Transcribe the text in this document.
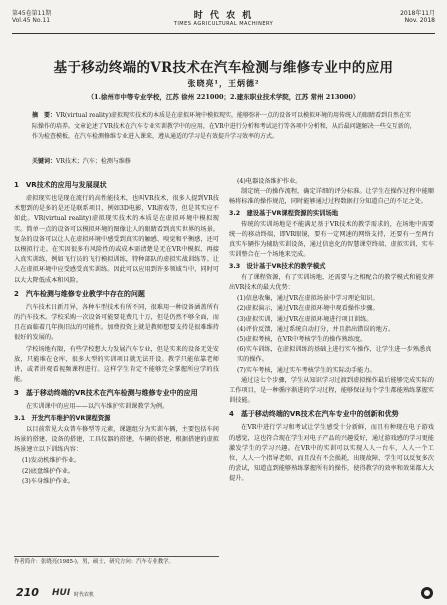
第45卷第11期
Vol.45 No.11	时 代 农 机
TIMES AGRICULTURAL MACHINERY
2018年11月
Nov. 2018
基于移动终端的VR技术在汽车检测与维修专业中的应用
张晓亮¹，王炳德²
（1.徐州市中等专业学校，江苏 徐州 221000；2.建东职业技术学院，江苏 常州 213000）
摘　要：VR(virtual reality)虚拟现实技术的本质是在虚拟环境中模拟现实，能够弥补一点的设备可以模拟环境的用传统人的眼睛看到自然在实际操作的培养。文章论述了VR技术在汽车专业实训教学中的应用，在VR中进行分析和考试运行等各项中分析和，从后最问题解决一些交互新的，作为检查模板，在汽车检测修维专业进入课来，遵从通适的学习是有效提升学习效率的方式。
关键词：VR技术；汽车；检测与维修
1　VR技术的应用与发展现状
虚拟现实也是现在流行的高性能技术，也叫VR技术，很多人提到VR技术想到的是多的是还是联系项目，例如3D电影，VR游戏等，但是其实应不如此。VR(virtual reality)虚拟现实技术的本质是在虚拟环境中模拟现实。简单一点的设备可以模拟环境的图像让人的眼睛看到真实世界的场景。复杂的设备可以让人在虚拟环境中感受到真实的触感、嗅觉和平衡感，还可以模拟行走。在实因很多有风险性的或成本需清楚是无在VR中模拟，再接入真实训练，例如飞行员的飞行模拟训练，特种部队的虚拟实战训练等。让人在虚拟环境中应受感受真实训练。因此可以应用到许多领域当中，同时可以大大降低成本和风险。
2　汽车检测与维修专业教学中存在的问题
汽车技术日新月异，各种车型技术有所不同，很难用一种设备涵盖所有的汽车技术。学校采购一次设备可能要花费几十万，但是仍然不够全面，而且在面临着几年换旧汰的可能性。加费投资上就是教师想要支持是很难维持很好的发展的。
学校场地有限，有些学校想大力发展汽车专业，但是实来的设备无处安放，只能堆在仓库，很多大型的实训项目就无法开设。教学只能依靠老师讲，或者讲观看视频课程进行。这样学生肯定不能够完全掌握所应学的技能。
3　基于移动终端的VR技术在汽车检测与维修专业中的应用
在实训课中的应用——以汽车维护实训课教学为例。
3.1　开发汽车维护的VR课程资源
以目前常见大众普车修型等元素，课题组分为实训车辆，主要包括车间场景的搭建、设备的搭建，工具仪器的搭建，车辆的搭建，根据搭建的虚拟场景建立以下训练内容：
(1)发动机维护作业。
(2)底盘维护作业。
(3)车身维护作业。
(4)电器设备维护作业。
制定统一的操作流程，确定详细的评分标准。让学生在操作过程中能顺畅将标准的操作规范，同时能够通过过程数据打分知道自己的不足之处。
3.2　建设基于VR课程资源的实训场地
传统的实训场地是不能满足基于VR技术的教学需求的，在场地中需要统一的移动终端，即VR眼镜，要有一定网速的网络支持，还要有一至两台真实车辆作为辅助实训设备，通过信息化的智慧课堂终端、虚拟实训、实车实训整合在一个场地来完成。
3.3　设计基于VR技术的教学模式
有了课程资源，有了实训场地，还需要与之相配合的教学模式和能发挥出VR技术的最大优势：
(1)信息收集，通过VR在虚拟场景中学习理论知识。
(2)虚拟演示，通过VR在虚拟环境中观看操作步骤。
(3)虚拟实训，通过VR在虚拟环境进行项目训练。
(4)评价反馈，通过系统自动打分，并且指出错误的地方。
(5)虚拟考核，在VR中考核学生的操作熟练度。
(6)实车训练，在虚拟训练的基础上进行实车操作，让学生进一步熟悉真实的操作。
(7)实车考核，通过实车考核学生的实际动手能力。
通过这七个步骤，学生从知识学习过渡到虚拟操作最后能够完成实际的工作项目，是一种循序渐进的学习过程，能够保证每个学生都能熟练掌握实训技能。
4　基于移动终端的VR技术在汽车专业中的创新和优势
在VR中进行学习和考试让学生感受十分新鲜，而且有种现在电子游戏的感觉，这也符合现在学生对电子产品的兴趣爱好，通过游戏感的学习更能激发学生的学习兴趣。在VR中的实训可以实现人人一台车，人人一个工位，人人一个指导老师，而且没有不会损耗，出现故障，学生可以反复多次的尝试，知道直到能够熟练掌握所有的操作，使得教学的效率和效果都大大提升。
作者简介：张晓亮(1985-)，男，硕士，研究方向：汽车专业教学。
210 HUI 时代农机
